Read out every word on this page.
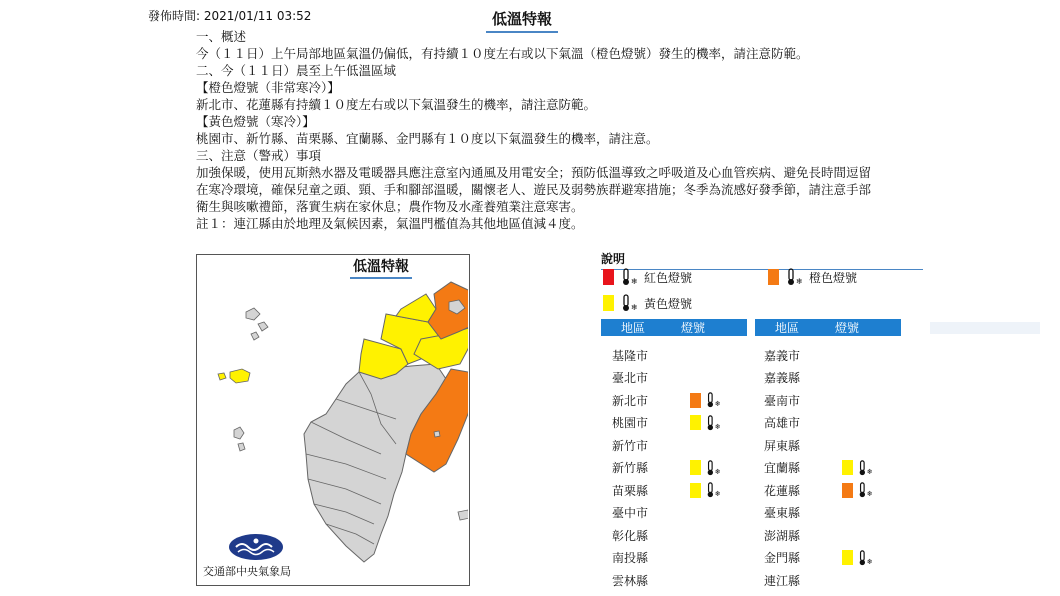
發佈時間: 2021/01/11 03:52	低溫特報
一、概述
今（１１日）上午局部地區氣溫仍偏低，有持續１０度左右或以下氣溫（橙色燈號）發生的機率，請注意防範。
二、今（１１日）晨至上午低溫區域
【橙色燈號（非常寒冷）】
新北市、花蓮縣有持續１０度左右或以下氣溫發生的機率，請注意防範。
【黃色燈號（寒冷）】
桃園市、新竹縣、苗栗縣、宜蘭縣、金門縣有１０度以下氣溫發生的機率，請注意。
三、注意（警戒）事項
加強保暖，使用瓦斯熱水器及電暖器具應注意室內通風及用電安全；預防低溫導致之呼吸道及心血管疾病、避免長時間逗留在寒冷環境，確保兒童之頭、頸、手和腳部溫暖，關懷老人、遊民及弱勢族群避寒措施；冬季為流感好發季節，請注意手部衛生與咳嗽禮節，落實生病在家休息；農作物及水產養殖業注意寒害。
註１：連江縣由於地理及氣候因素，氣溫門檻值為其他地區值減４度。
低溫特報
交通部中央氣象局
說明
❄ 紅色燈號	❄ 橙色燈號
❄ 黃色燈號
地區	燈號	地區	燈號
基隆市
臺北市
新北市	❄
桃園市	❄
新竹市
新竹縣	❄
苗栗縣	❄
臺中市
彰化縣
南投縣
雲林縣
嘉義市
嘉義縣
臺南市
高雄市
屏東縣
宜蘭縣	❄
花蓮縣	❄
臺東縣
澎湖縣
金門縣	❄
連江縣
